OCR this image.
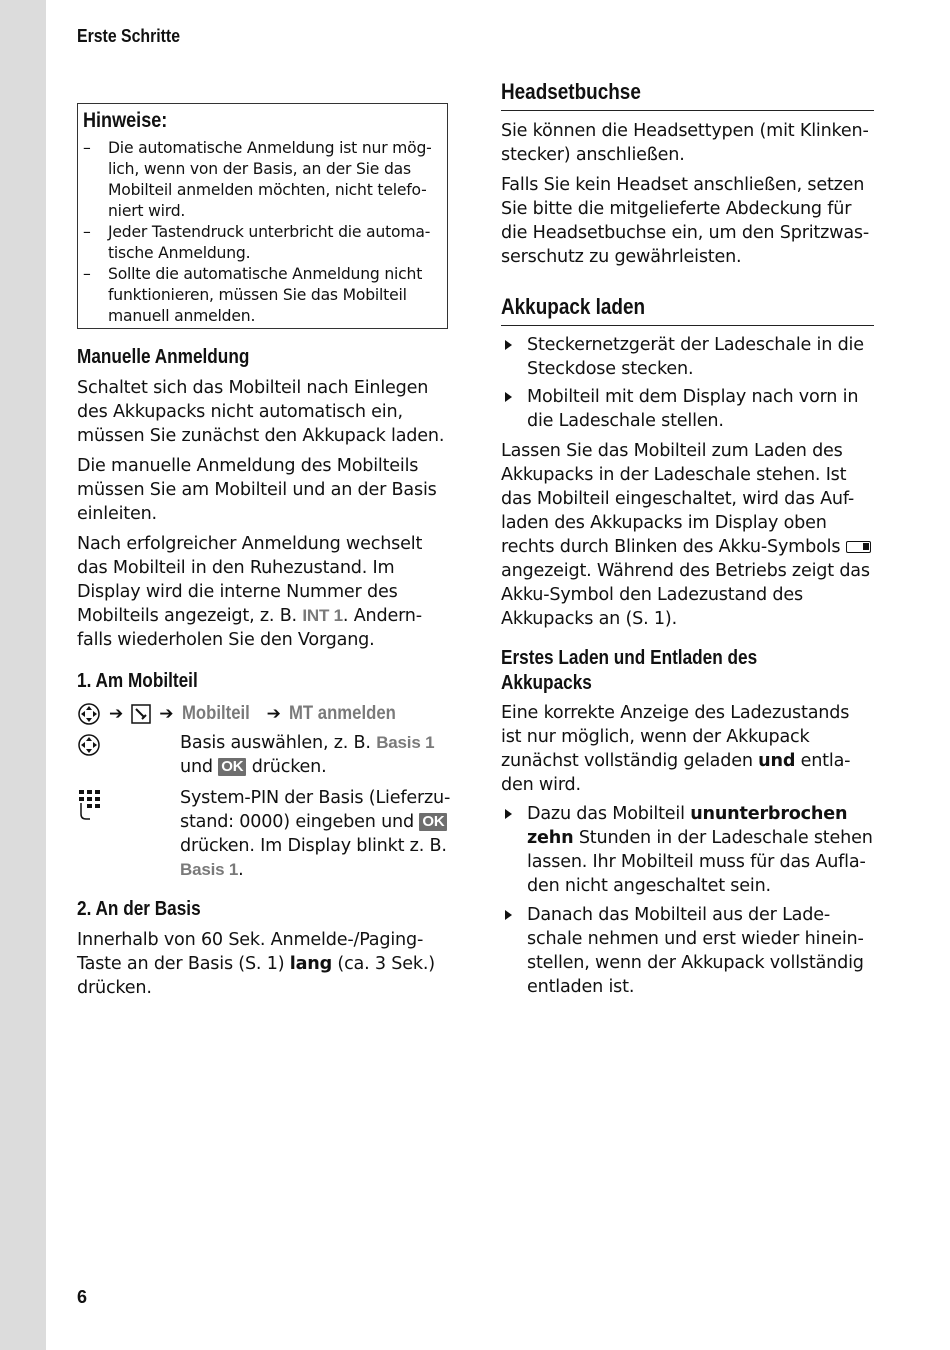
Erste Schritte
Hinweise:
– Die automatische Anmeldung ist nur mög-lich, wenn von der Basis, an der Sie das Mobilteil anmelden möchten, nicht telefo-niert wird.
– Jeder Tastendruck unterbricht die automa-tische Anmeldung.
– Sollte die automatische Anmeldung nicht funktionieren, müssen Sie das Mobilteil manuell anmelden.
Manuelle Anmeldung

Schaltet sich das Mobilteil nach Einlegen des Akkupacks nicht automatisch ein, müssen Sie zunächst den Akkupack laden.

Die manuelle Anmeldung des Mobilteils müssen Sie am Mobilteil und an der Basis einleiten.

Nach erfolgreicher Anmeldung wechselt das Mobilteil in den Ruhezustand. Im Display wird die interne Nummer des Mobilteils angezeigt, z. B. INT 1. Andern-falls wiederholen Sie den Vorgang.

1. Am Mobilteil
➔ ➔ Mobilteil ➔ MT anmelden

Basis auswählen, z. B. Basis 1
und OK drücken.

System-PIN der Basis (Lieferzu-stand: 0000) eingeben und OK drücken. Im Display blinkt z. B. Basis 1.

2. An der Basis

Innerhalb von 60 Sek. Anmelde-/Paging-Taste an der Basis (S. 1) lang (ca. 3 Sek.) drücken.

Headsetbuchse

Sie können die Headsettypen (mit Klinken-stecker) anschließen.

Falls Sie kein Headset anschließen, setzen Sie bitte die mitgelieferte Abdeckung für die Headsetbuchse ein, um den Spritzwas-serschutz zu gewährleisten.

Akkupack laden
Steckernetzgerät der Ladeschale in die Steckdose stecken.
Mobilteil mit dem Display nach vorn in die Ladeschale stellen.

Lassen Sie das Mobilteil zum Laden des Akkupacks in der Ladeschale stehen. Ist das Mobilteil eingeschaltet, wird das Auf-laden des Akkupacks im Display oben rechts durch Blinken des Akku-Symbols angezeigt. Während des Betriebs zeigt das Akku-Symbol den Ladezustand des Akkupacks an (S. 1).

Erstes Laden und Entladen des
Akkupacks

Eine korrekte Anzeige des Ladezustands ist nur möglich, wenn der Akkupack zunächst vollständig geladen und entla-den wird.

Dazu das Mobilteil ununterbrochen zehn Stunden in der Ladeschale stehen lassen. Ihr Mobilteil muss für das Aufla-den nicht angeschaltet sein.
Danach das Mobilteil aus der Lade-schale nehmen und erst wieder hinein-stellen, wenn der Akkupack vollständig entladen ist.
6
